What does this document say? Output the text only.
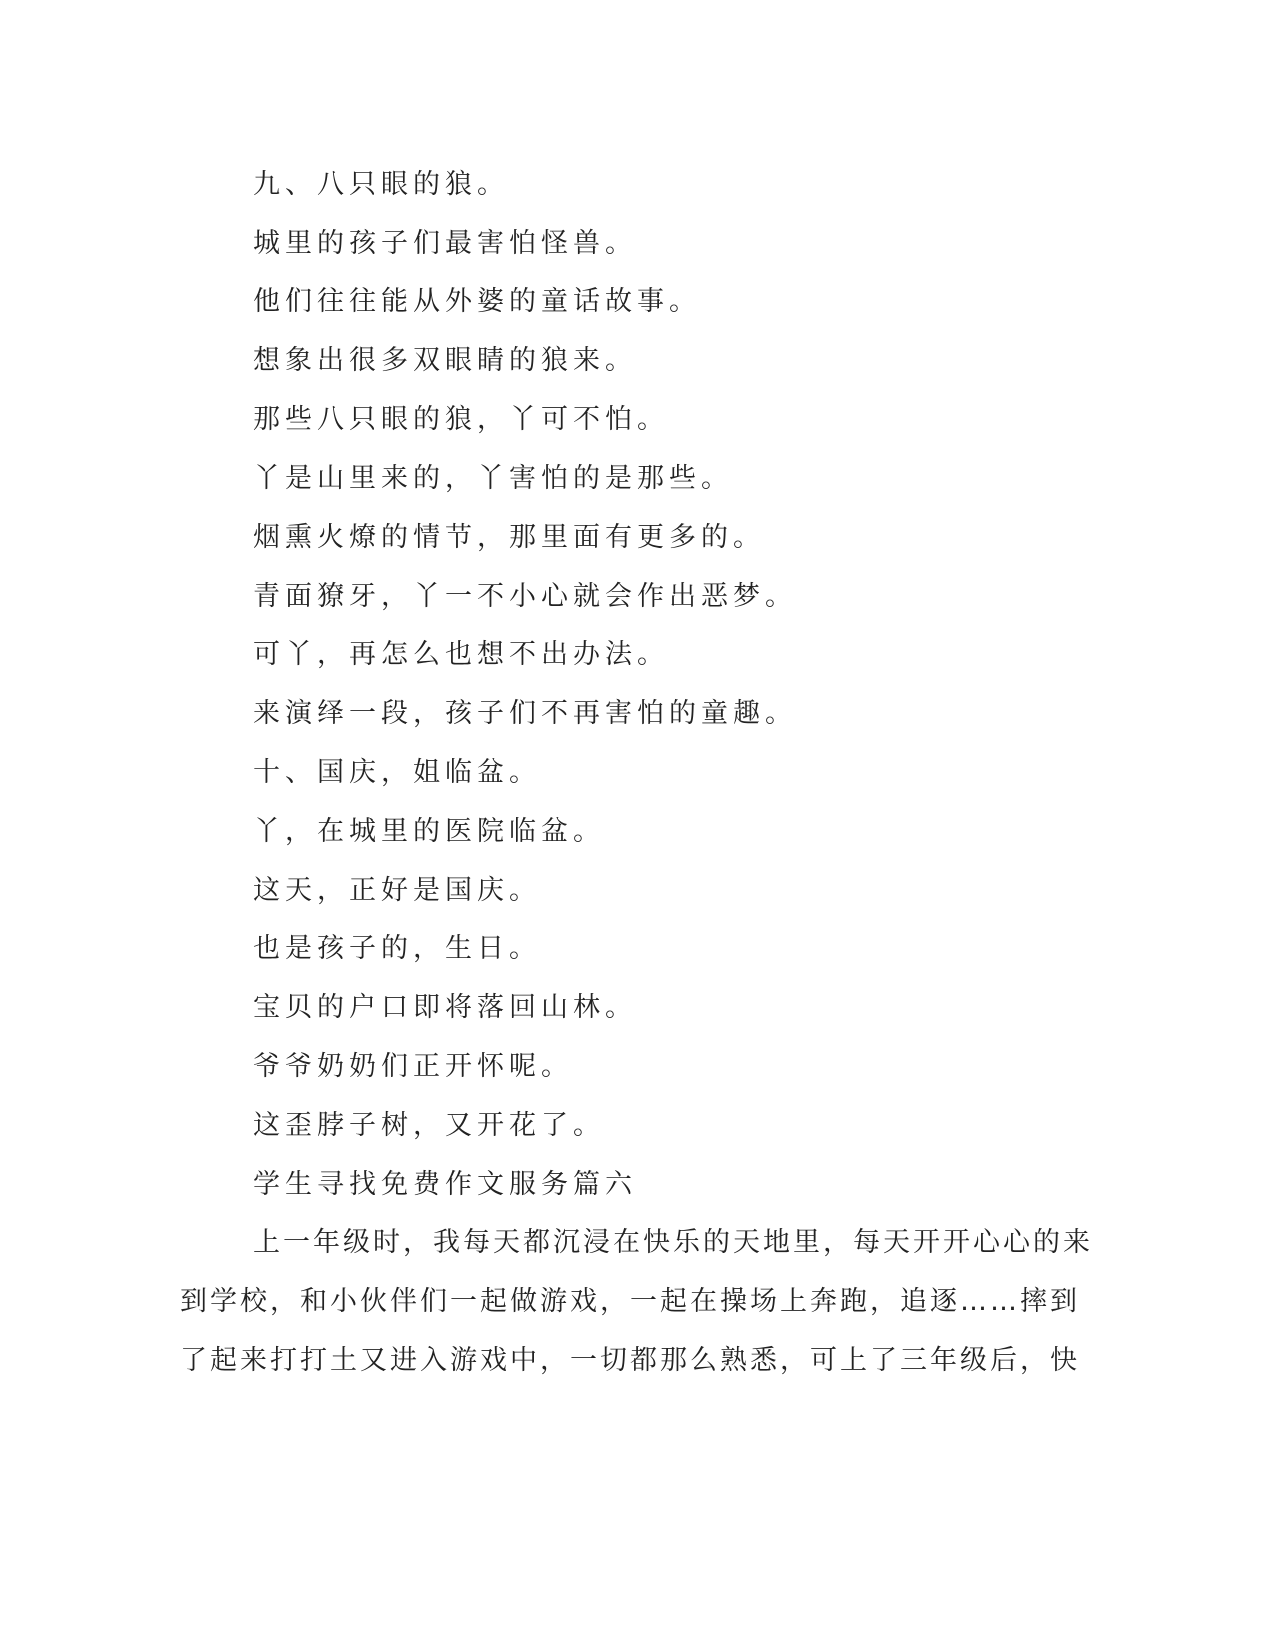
九、八只眼的狼。
城里的孩子们最害怕怪兽。
他们往往能从外婆的童话故事。
想象出很多双眼睛的狼来。
那些八只眼的狼，丫可不怕。
丫是山里来的，丫害怕的是那些。
烟熏火燎的情节，那里面有更多的。
青面獠牙，丫一不小心就会作出恶梦。
可丫，再怎么也想不出办法。
来演绎一段，孩子们不再害怕的童趣。
十、国庆，姐临盆。
丫，在城里的医院临盆。
这天，正好是国庆。
也是孩子的，生日。
宝贝的户口即将落回山林。
爷爷奶奶们正开怀呢。
这歪脖子树，又开花了。
学生寻找免费作文服务篇六
上一年级时，我每天都沉浸在快乐的天地里，每天开开心心的来
到学校，和小伙伴们一起做游戏，一起在操场上奔跑，追逐……摔到
了起来打打土又进入游戏中，一切都那么熟悉，可上了三年级后，快
